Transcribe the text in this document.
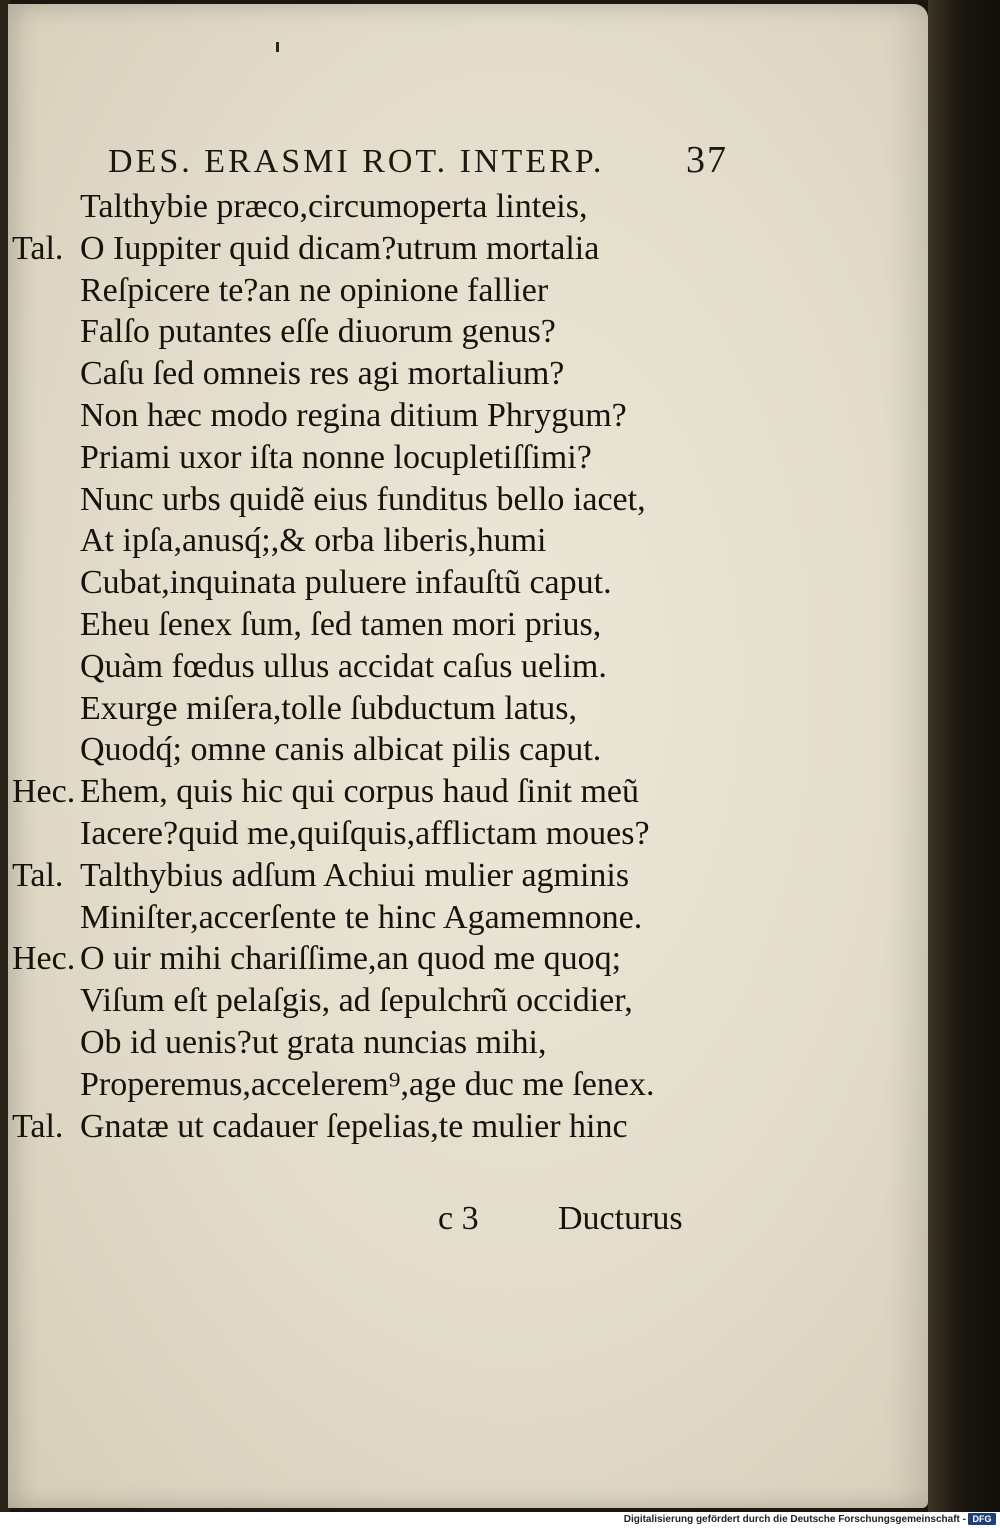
DES. ERASMI ROT. INTERP. 37
Talthybie præco,circumoperta linteis,
Tal. O Iuppiter quid dicam?utrum mortalia
Reſpicere te?an ne opinione fallier
Falſo putantes eſſe diuorum genus?
Caſu ſed omneis res agi mortalium?
Non hæc modo regina ditium Phrygum?
Priami uxor iſta nonne locupletiſſimi?
Nunc urbs quidẽ eius funditus bello iacet,
At ipſa,anusq́;,& orba liberis,humi
Cubat,inquinata puluere infauſtũ caput.
Eheu ſenex ſum, ſed tamen mori prius,
Quàm fœdus ullus accidat caſus uelim.
Exurge miſera,tolle ſubductum latus,
Quodq́; omne canis albicat pilis caput.
Hec. Ehem, quis hic qui corpus haud ſinit meũ
Iacere?quid me,quiſquis,afflictam moues?
Tal. Talthybius adſum Achiui mulier agminis
Miniſter,accerſente te hinc Agamemnone.
Hec. O uir mihi chariſſime,an quod me quoq;
Viſum eſt pelaſgis, ad ſepulchrũ occidier,
Ob id uenis?ut grata nuncias mihi,
Properemus,accelerem⁹,age duc me ſenex.
Tal. Gnatæ ut cadauer ſepelias,te mulier hinc
c 3	Ducturus
Digitalisierung gefördert durch die Deutsche Forschungsgemeinschaft - DFG
